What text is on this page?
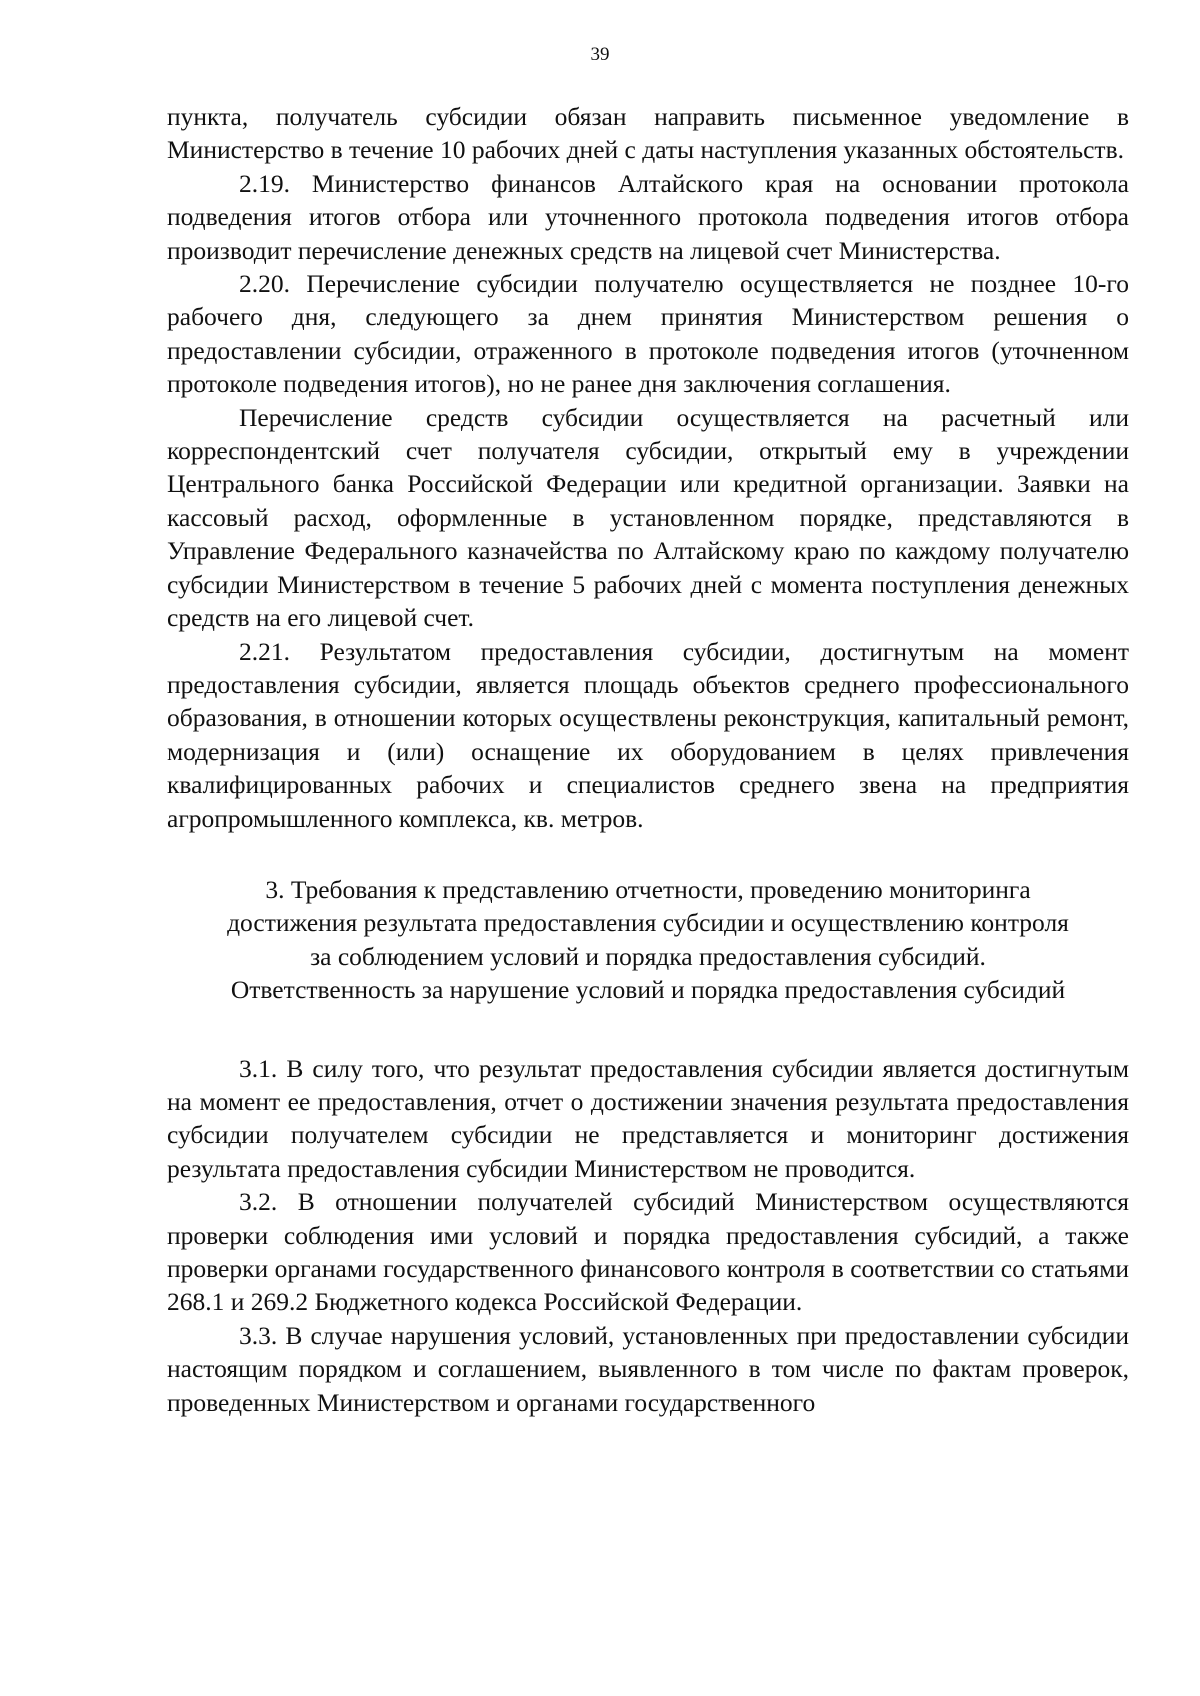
39

пункта, получатель субсидии обязан направить письменное уведомление в Министерство в течение 10 рабочих дней с даты наступления указанных обстоятельств.

2.19. Министерство финансов Алтайского края на основании протокола подведения итогов отбора или уточненного протокола подведения итогов отбора производит перечисление денежных средств на лицевой счет Министерства.

2.20. Перечисление субсидии получателю осуществляется не позднее 10-го рабочего дня, следующего за днем принятия Министерством решения о предоставлении субсидии, отраженного в протоколе подведения итогов (уточненном протоколе подведения итогов), но не ранее дня заключения соглашения.

Перечисление средств субсидии осуществляется на расчетный или корреспондентский счет получателя субсидии, открытый ему в учреждении Центрального банка Российской Федерации или кредитной организации. Заявки на кассовый расход, оформленные в установленном порядке, представляются в Управление Федерального казначейства по Алтайскому краю по каждому получателю субсидии Министерством в течение 5 рабочих дней с момента поступления денежных средств на его лицевой счет.

2.21. Результатом предоставления субсидии, достигнутым на момент предоставления субсидии, является площадь объектов среднего профессионального образования, в отношении которых осуществлены реконструкция, капитальный ремонт, модернизация и (или) оснащение их оборудованием в целях привлечения квалифицированных рабочих и специалистов среднего звена на предприятия агропромышленного комплекса, кв. метров.

3. Требования к представлению отчетности, проведению мониторинга
достижения результата предоставления субсидии и осуществлению контроля
за соблюдением условий и порядка предоставления субсидий.
Ответственность за нарушение условий и порядка предоставления субсидий

3.1. В силу того, что результат предоставления субсидии является достигнутым на момент ее предоставления, отчет о достижении значения результата предоставления субсидии получателем субсидии не представляется и мониторинг достижения результата предоставления субсидии Министерством не проводится.

3.2. В отношении получателей субсидий Министерством осуществляются проверки соблюдения ими условий и порядка предоставления субсидий, а также проверки органами государственного финансового контроля в соответствии со статьями 268.1 и 269.2 Бюджетного кодекса Российской Федерации.

3.3. В случае нарушения условий, установленных при предоставлении субсидии настоящим порядком и соглашением, выявленного в том числе по фактам проверок, проведенных Министерством и органами государственного
